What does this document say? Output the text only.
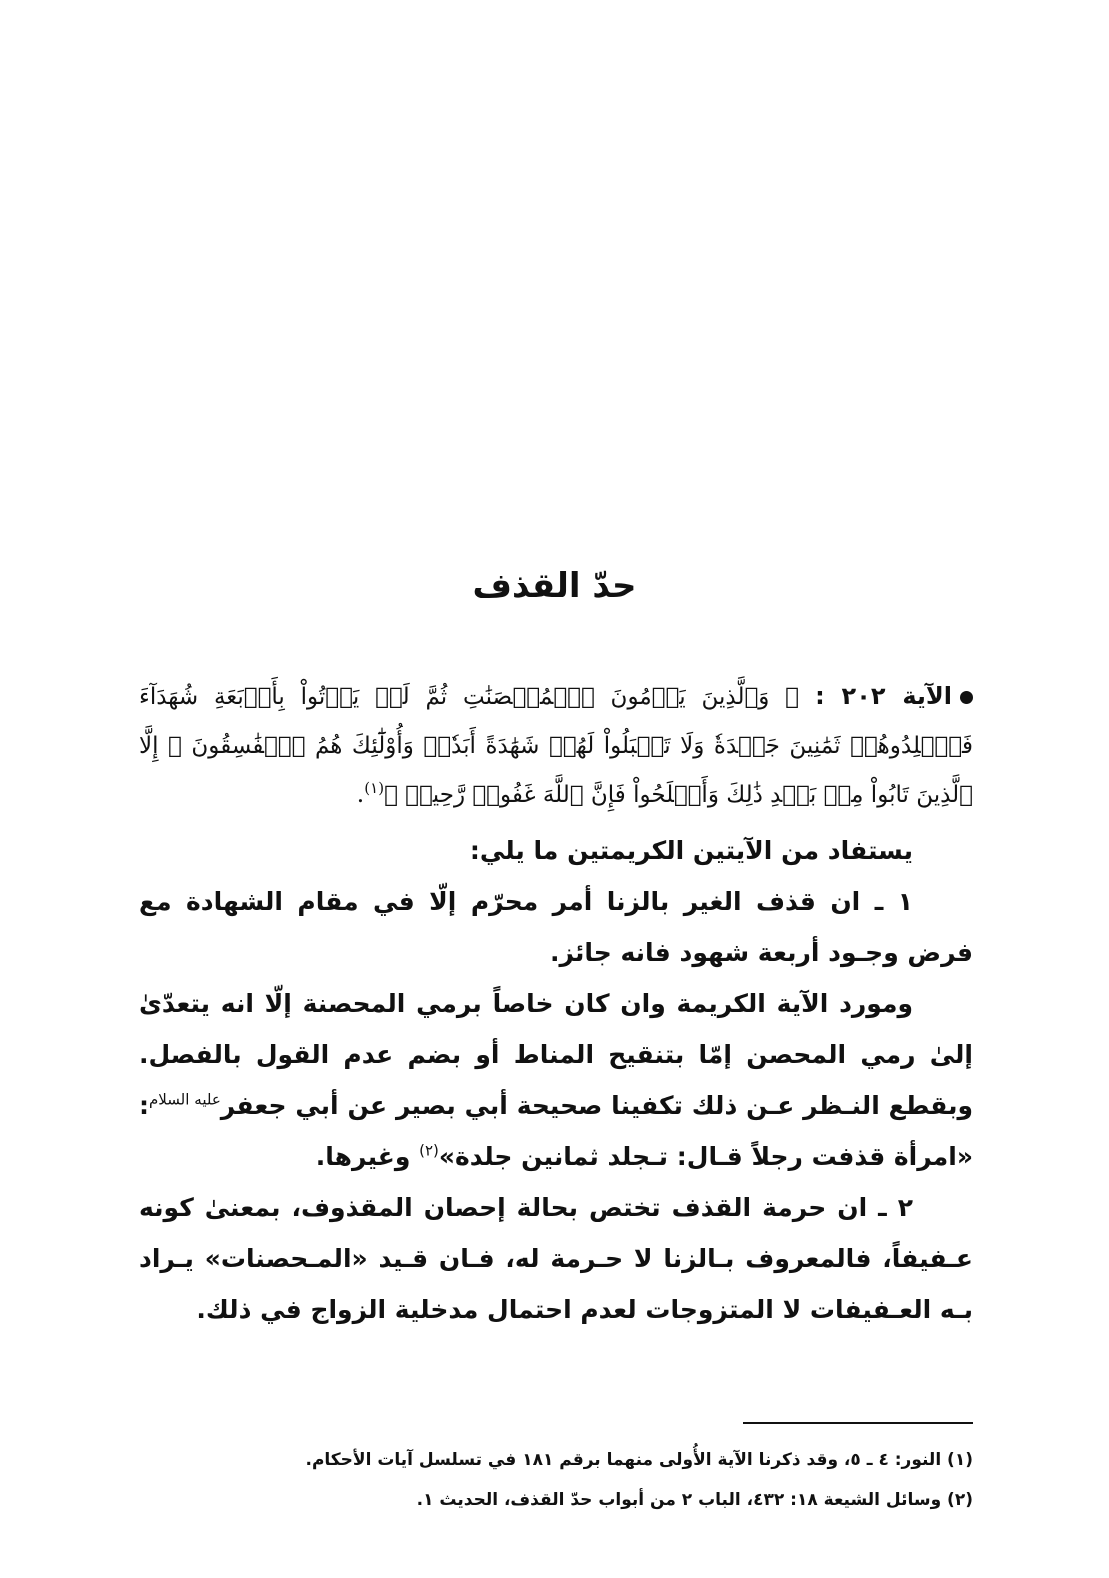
حدّ القذف

الآية ٢٠٢ : ﴿ وَٱلَّذِينَ يَرۡمُونَ ٱلۡمُحۡصَنَٰتِ ثُمَّ لَمۡ يَأۡتُواْ بِأَرۡبَعَةِ شُهَدَآءَ فَٱجۡلِدُوهُمۡ ثَمَٰنِينَ جَلۡدَةٗ وَلَا تَقۡبَلُواْ لَهُمۡ شَهَٰدَةً أَبَدٗاۚ وَأُوْلَٰٓئِكَ هُمُ ٱلۡفَٰسِقُونَ ۞ إِلَّا ٱلَّذِينَ تَابُواْ مِنۢ بَعۡدِ ذَٰلِكَ وَأَصۡلَحُواْ فَإِنَّ ٱللَّهَ غَفُورٞ رَّحِيمٞ ﴾$^{(١)}$.

يستفاد من الآيتين الكريمتين ما يلي:

١ ـ ان قذف الغير بالزنا أمر محرّم إلّا في مقام الشهادة مع فرض وجـود أربعة شهود فانه جائز.

ومورد الآية الكريمة وان كان خاصاً برمي المحصنة إلّا انه يتعدّىٰ إلىٰ رمي المحصن إمّا بتنقيح المناط أو بضم عدم القول بالفصل. وبقطع النـظر عـن ذلك تكفينا صحيحة أبي بصير عن أبي جعفر$^{عليه السلام}$: «امرأة قذفت رجلاً قـال: تـجلد ثمانين جلدة»$^{(٢)}$ وغيرها.

٢ ـ ان حرمة القذف تختص بحالة إحصان المقذوف، بمعنىٰ كونه عـفيفاً، فالمعروف بـالزنا لا حـرمة له، فـان قـيد «المـحصنات» يـراد بـه العـفيفات لا المتزوجات لعدم احتمال مدخلية الزواج في ذلك.

(١) النور: ٤ ـ ٥، وقد ذكرنا الآية الأُولى منهما برقم ١٨١ في تسلسل آيات الأحكام.

(٢) وسائل الشيعة ١٨: ٤٣٢، الباب ٢ من أبواب حدّ القذف، الحديث ١.
